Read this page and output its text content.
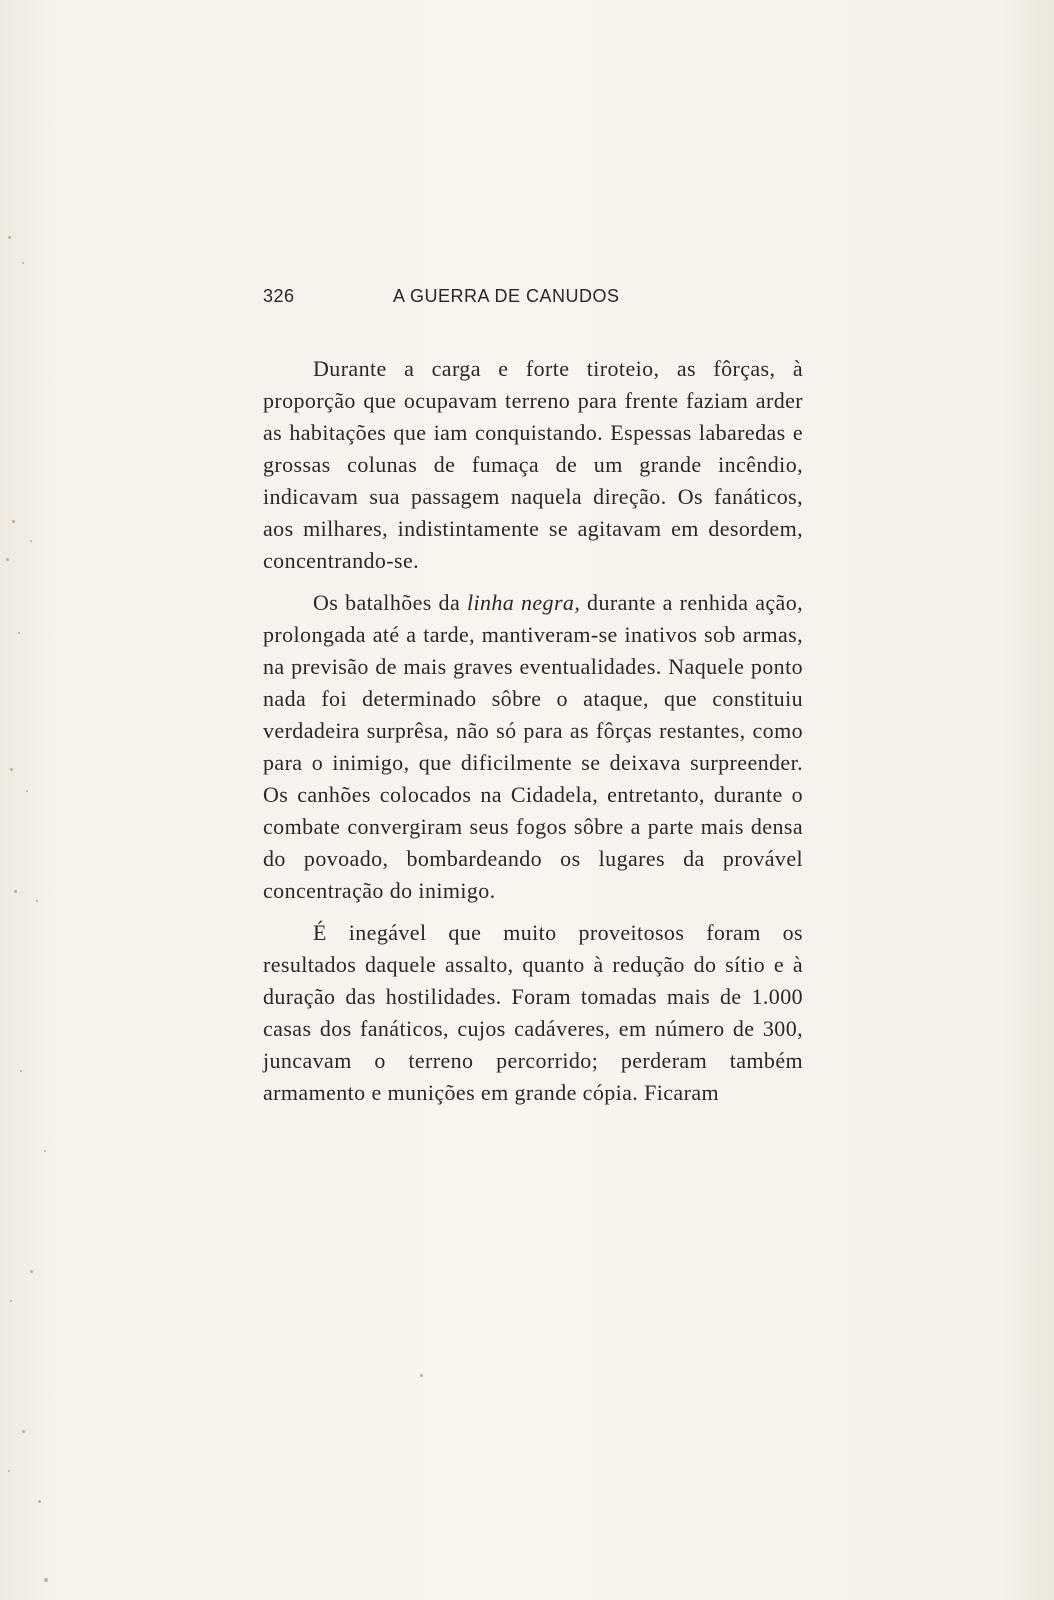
326	A GUERRA DE CANUDOS

Durante a carga e forte tiroteio, as fôrças, à proporção que ocupavam terreno para frente faziam arder as habitações que iam conquistando. Espessas labaredas e grossas colunas de fumaça de um grande incêndio, indicavam sua passagem naquela direção. Os fanáticos, aos milhares, indistintamente se agitavam em desordem, concentrando-se.

Os batalhões da linha negra, durante a renhida ação, prolongada até a tarde, mantiveram-se inativos sob armas, na previsão de mais graves eventualidades. Naquele ponto nada foi determinado sôbre o ataque, que constituiu verdadeira surprêsa, não só para as fôrças restantes, como para o inimigo, que dificilmente se deixava surpreender. Os canhões colocados na Cidadela, entretanto, durante o combate convergiram seus fogos sôbre a parte mais densa do povoado, bombardeando os lugares da provável concentração do inimigo.

É inegável que muito proveitosos foram os resultados daquele assalto, quanto à redução do sítio e à duração das hostilidades. Foram tomadas mais de 1.000 casas dos fanáticos, cujos cadáveres, em número de 300, juncavam o terreno percorrido; perderam também armamento e munições em grande cópia. Ficaram
